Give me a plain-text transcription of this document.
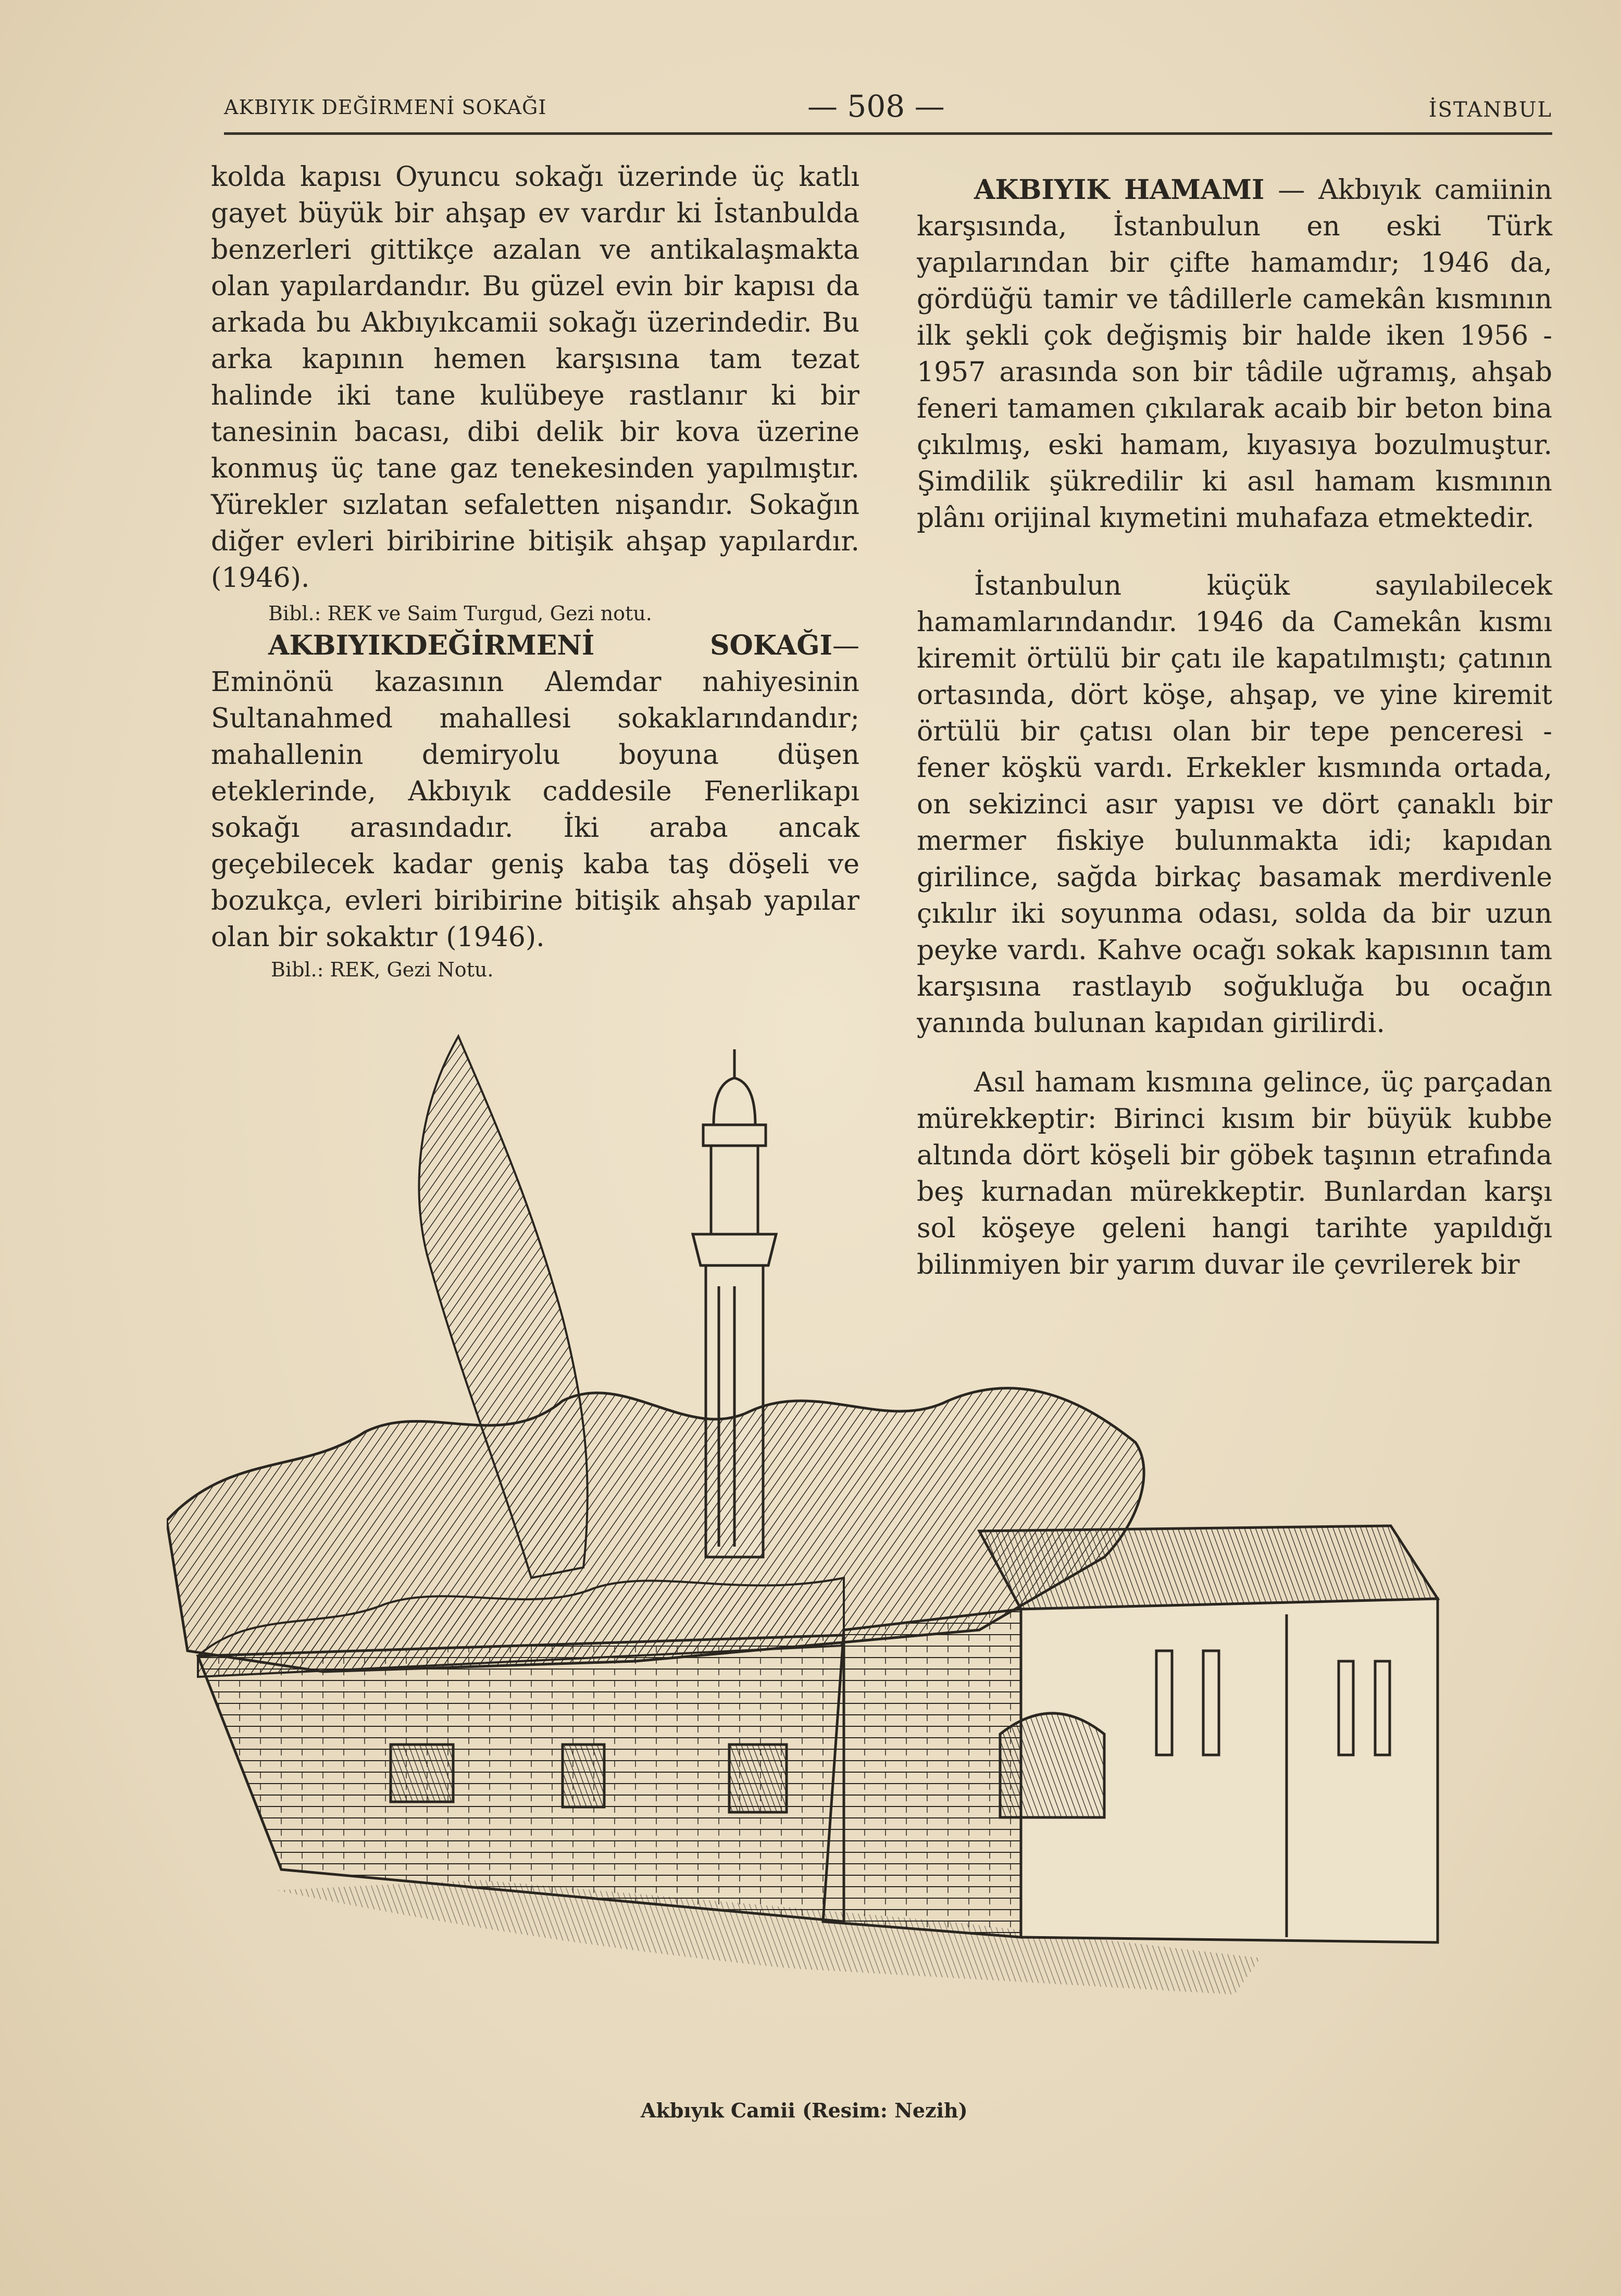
AKBIYIK DEĞİRMENİ SOKAĞI	— 508 —	İSTANBUL

kolda kapısı Oyuncu sokağı üzerinde üç katlı gayet büyük bir ahşap ev vardır ki İstanbulda benzerleri gittikçe azalan ve antikalaşmakta olan yapılardandır. Bu güzel evin bir kapısı da arkada bu Akbıyıkcamii sokağı üzerindedir. Bu arka kapının hemen karşısına tam tezat halinde iki tane kulübeye rastlanır ki bir tanesinin bacası, dibi delik bir kova üzerine konmuş üç tane gaz tenekesinden yapılmıştır. Yürekler sızlatan sefaletten nişandır. Sokağın diğer evleri biribirine bitişik ahşap yapılardır. (1946).

Bibl.: REK ve Saim Turgud, Gezi notu.

AKBIYIKDEĞİRMENİ SOKAĞI—Eminönü kazasının Alemdar nahiyesinin Sultanahmed mahallesi sokaklarındandır; mahallenin demiryolu boyuna düşen eteklerinde, Akbıyık caddesile Fenerlikapı sokağı arasındadır. İki araba ancak geçebilecek kadar geniş kaba taş döşeli ve bozukça, evleri biribirine bitişik ahşab yapılar olan bir sokaktır (1946).

Bibl.: REK, Gezi Notu.

AKBIYIK HAMAMI — Akbıyık camiinin karşısında, İstanbulun en eski Türk yapılarından bir çifte hamamdır; 1946 da, gördüğü tamir ve tâdillerle camekân kısmının ilk şekli çok değişmiş bir halde iken 1956 - 1957 arasında son bir tâdile uğramış, ahşab feneri tamamen çıkılarak acaib bir beton bina çıkılmış, eski hamam, kıyasıya bozulmuştur. Şimdilik şükredilir ki asıl hamam kısmının plânı orijinal kıymetini muhafaza etmektedir.

İstanbulun küçük sayılabilecek hamamlarındandır. 1946 da Camekân kısmı kiremit örtülü bir çatı ile kapatılmıştı; çatının ortasında, dört köşe, ahşap, ve yine kiremit örtülü bir çatısı olan bir tepe penceresi - fener köşkü vardı. Erkekler kısmında ortada, on sekizinci asır yapısı ve dört çanaklı bir mermer fiskiye bulunmakta idi; kapıdan girilince, sağda birkaç basamak merdivenle çıkılır iki soyunma odası, solda da bir uzun peyke vardı. Kahve ocağı sokak kapısının tam karşısına rastlayıb soğukluğa bu ocağın yanında bulunan kapıdan girilirdi.

Asıl hamam kısmına gelince, üç parçadan mürekkeptir: Birinci kısım bir büyük kubbe altında dört köşeli bir göbek taşının etrafında beş kurnadan mürekkeptir. Bunlardan karşı sol köşeye geleni hangi tarihte yapıldığı bilinmiyen bir yarım duvar ile çevrilerek bir

Akbıyık Camii (Resim: Nezih)
